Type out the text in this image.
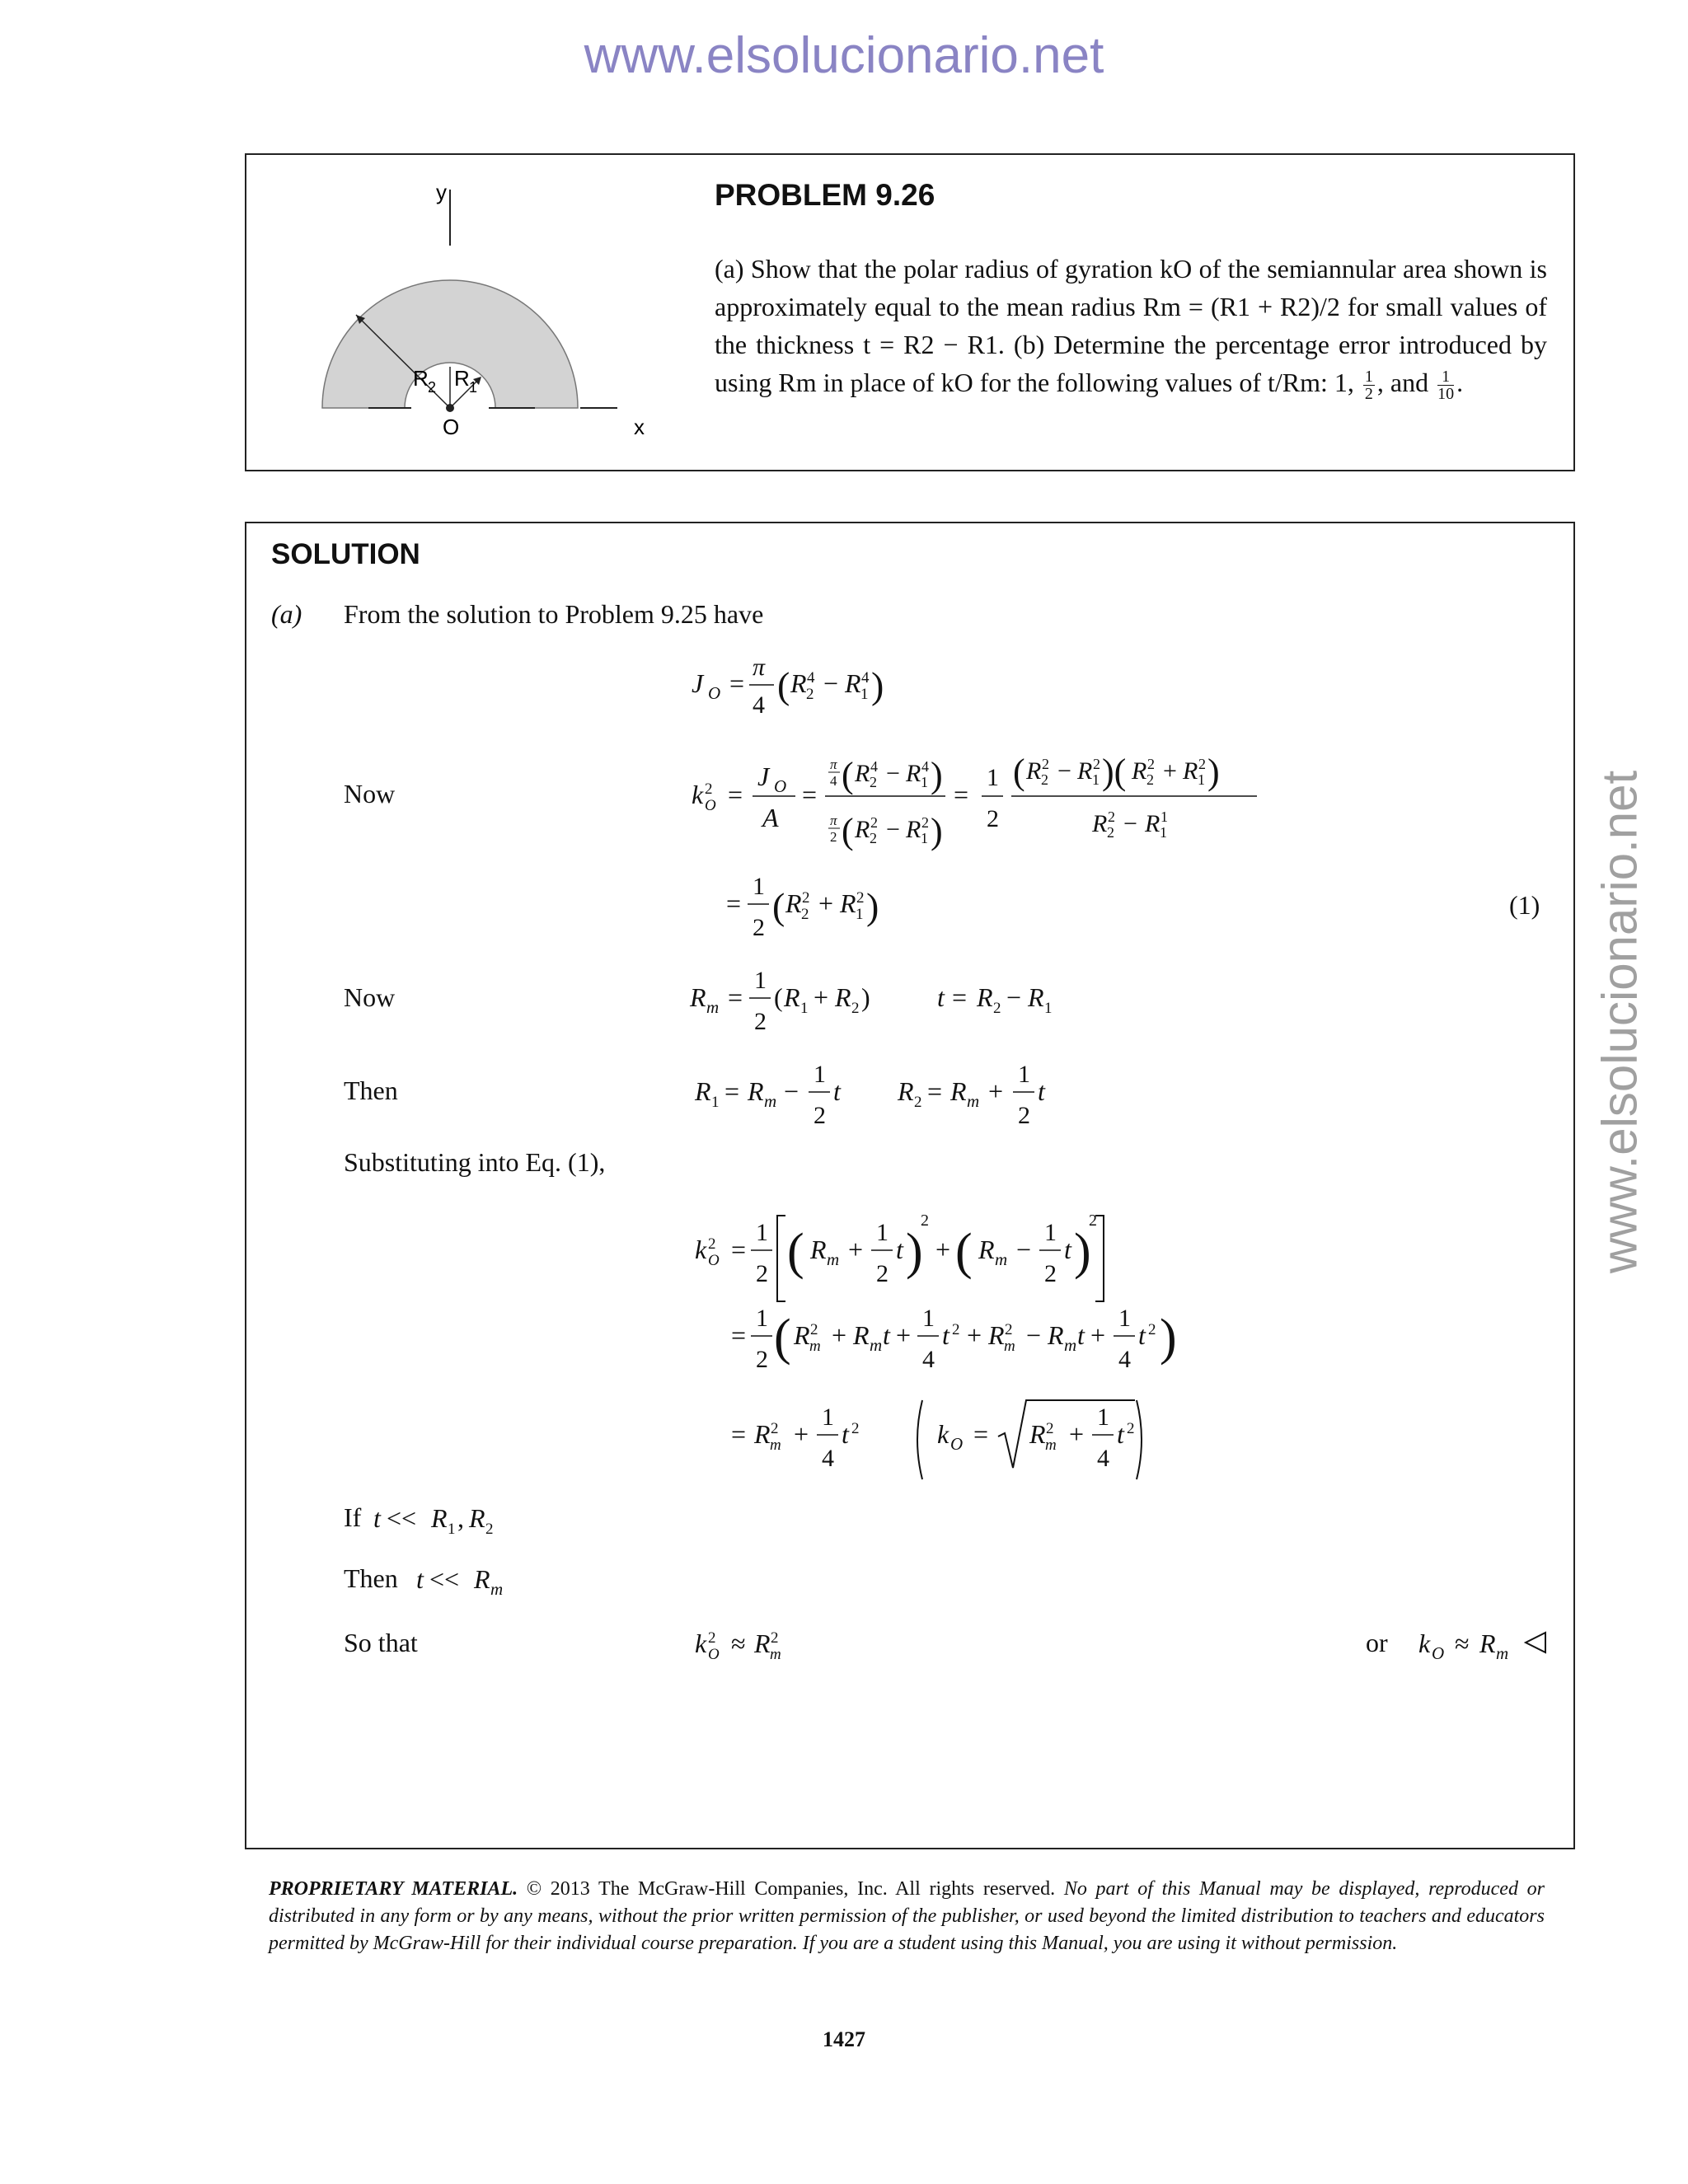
www.elsolucionario.net
www.elsolucionario.net
y
O	x
R 2 R 1
PROBLEM 9.26
(a) Show that the polar radius of gyration kO of the semiannular area shown is approximately equal to the mean radius Rm = (R1 + R2)/2 for small values of the thickness t = R2 − R1. (b) Determine the percentage error introduced by using Rm in place of kO for the following values of t/Rm: 1, $\frac{1}{2}$ , and $\frac{1}{10}$ .
SOLUTION
(a) From the solution to Problem 9.25 have
Now
(1)
Now
Then
Substituting into Eq. (1),
If
Then
So that	or
J O =
π
4 ( R 4
2 − R 4
1 )
k 2
O =
J O
A
=
π
4 ( R 4
2 − R 4
1 )
π
2 ( R 2
2 − R 2
1 )
=
1
2
( R 2
2 − R 2
1 )( R 2
2 + R 2
1 )
R 2
2 − R 1
1
=
1
2
( R 2
2 + R 2
1 )
R m =
1
2
( R 1 + R 2 )	t = R 2 − R 1
R 1 = R m −
1
2
t R 2 = R m +
1
2
t
k 2
O =
1
2 ( R m +
1
2
t )
2
+ ( R m −
1
2
t )
2
=
1
2 ( R 2
m + R m t +
1
4
t 2 + R 2
m − R m t +
1
4
t 2 )
= R 2
m +
1
4
t 2	k O = R 2
m +
1
4
t 2
t << R 1 , R 2
t << R m
k 2
O ≈ R 2
m	k O ≈ R m
PROPRIETARY MATERIAL. © 2013 The McGraw-Hill Companies, Inc. All rights reserved. No part of this Manual may be displayed, reproduced or distributed in any form or by any means, without the prior written permission of the publisher, or used beyond the limited distribution to teachers and educators permitted by McGraw-Hill for their individual course preparation. If you are a student using this Manual, you are using it without permission.
1427
